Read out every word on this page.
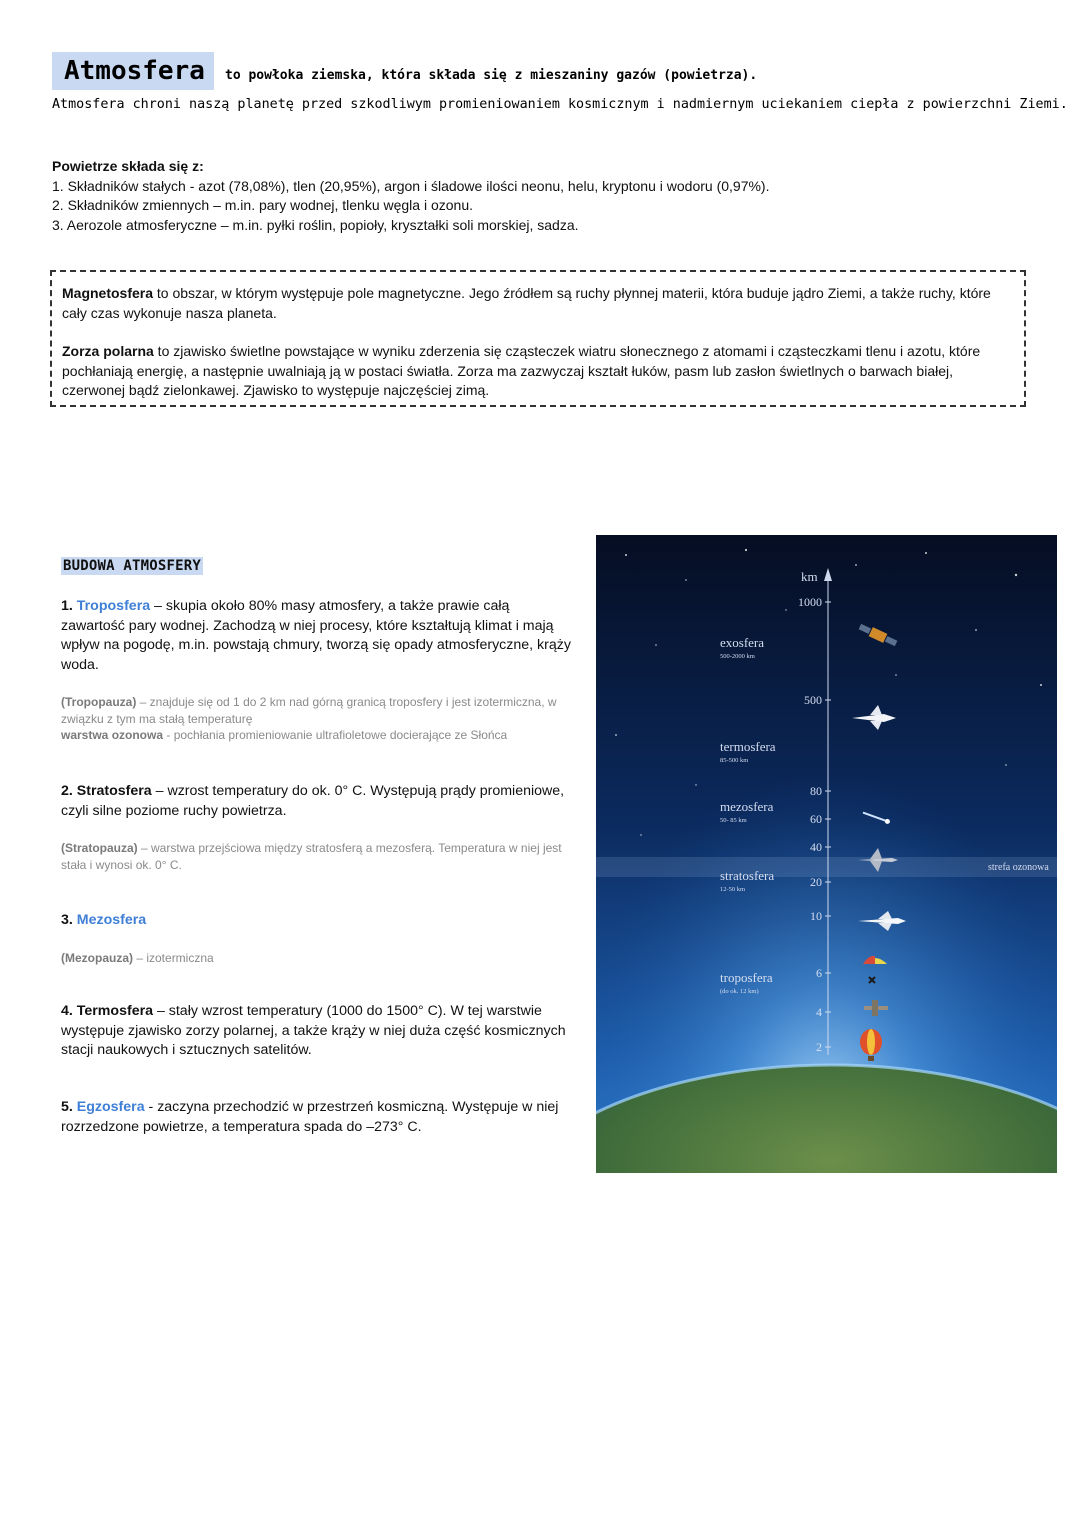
Atmosfera	to powłoka ziemska, która składa się z mieszaniny gazów (powietrza).
Atmosfera chroni naszą planetę przed szkodliwym promieniowaniem kosmicznym i nadmiernym uciekaniem ciepła z powierzchni Ziemi.
Powietrze składa się z:
1. Składników stałych - azot (78,08%), tlen (20,95%), argon i śladowe ilości neonu, helu, kryptonu i wodoru (0,97%).
2. Składników zmiennych – m.in. pary wodnej, tlenku węgla i ozonu.
3. Aerozole atmosferyczne – m.in. pyłki roślin, popioły, kryształki soli morskiej, sadza.

Magnetosfera to obszar, w którym występuje pole magnetyczne. Jego źródłem są ruchy płynnej materii, która buduje jądro Ziemi, a także ruchy, które cały czas wykonuje nasza planeta.

Zorza polarna to zjawisko świetlne powstające w wyniku zderzenia się cząsteczek wiatru słonecznego z atomami i cząsteczkami tlenu i azotu, które pochłaniają energię, a następnie uwalniają ją w postaci światła. Zorza ma zazwyczaj kształt łuków, pasm lub zasłon świetlnych o barwach białej, czerwonej bądź zielonkawej. Zjawisko to występuje najczęściej zimą.

BUDOWA ATMOSFERY
1. Troposfera – skupia około 80% masy atmosfery, a także prawie całą zawartość pary wodnej. Zachodzą w niej procesy, które kształtują klimat i mają wpływ na pogodę, m.in. powstają chmury, tworzą się opady atmosferyczne, krąży woda.
(Tropopauza) – znajduje się od 1 do 2 km nad górną granicą troposfery i jest izotermiczna, w związku z tym ma stałą temperaturę
warstwa ozonowa - pochłania promieniowanie ultrafioletowe docierające ze Słońca
2. Stratosfera – wzrost temperatury do ok. 0° C. Występują prądy promieniowe, czyli silne poziome ruchy powietrza.
(Stratopauza) – warstwa przejściowa między stratosferą a mezosferą. Temperatura w niej jest stała i wynosi ok. 0° C.
3. Mezosfera
(Mezopauza) – izotermiczna
4. Termosfera – stały wzrost temperatury (1000 do 1500° C). W tej warstwie występuje zjawisko zorzy polarnej, a także krąży w niej duża część kosmicznych stacji naukowych i sztucznych satelitów.
5. Egzosfera - zaczyna przechodzić w przestrzeń kosmiczną. Występuje w niej rozrzedzone powietrze, a temperatura spada do –273° C.
strefa ozonowa
km
1000
500
80
60
40
20
10
6
4
2
exosfera
500-2000 km
termosfera
85-500 km
mezosfera
50- 85 km
stratosfera
12-50 km
troposfera
(do ok. 12 km)
